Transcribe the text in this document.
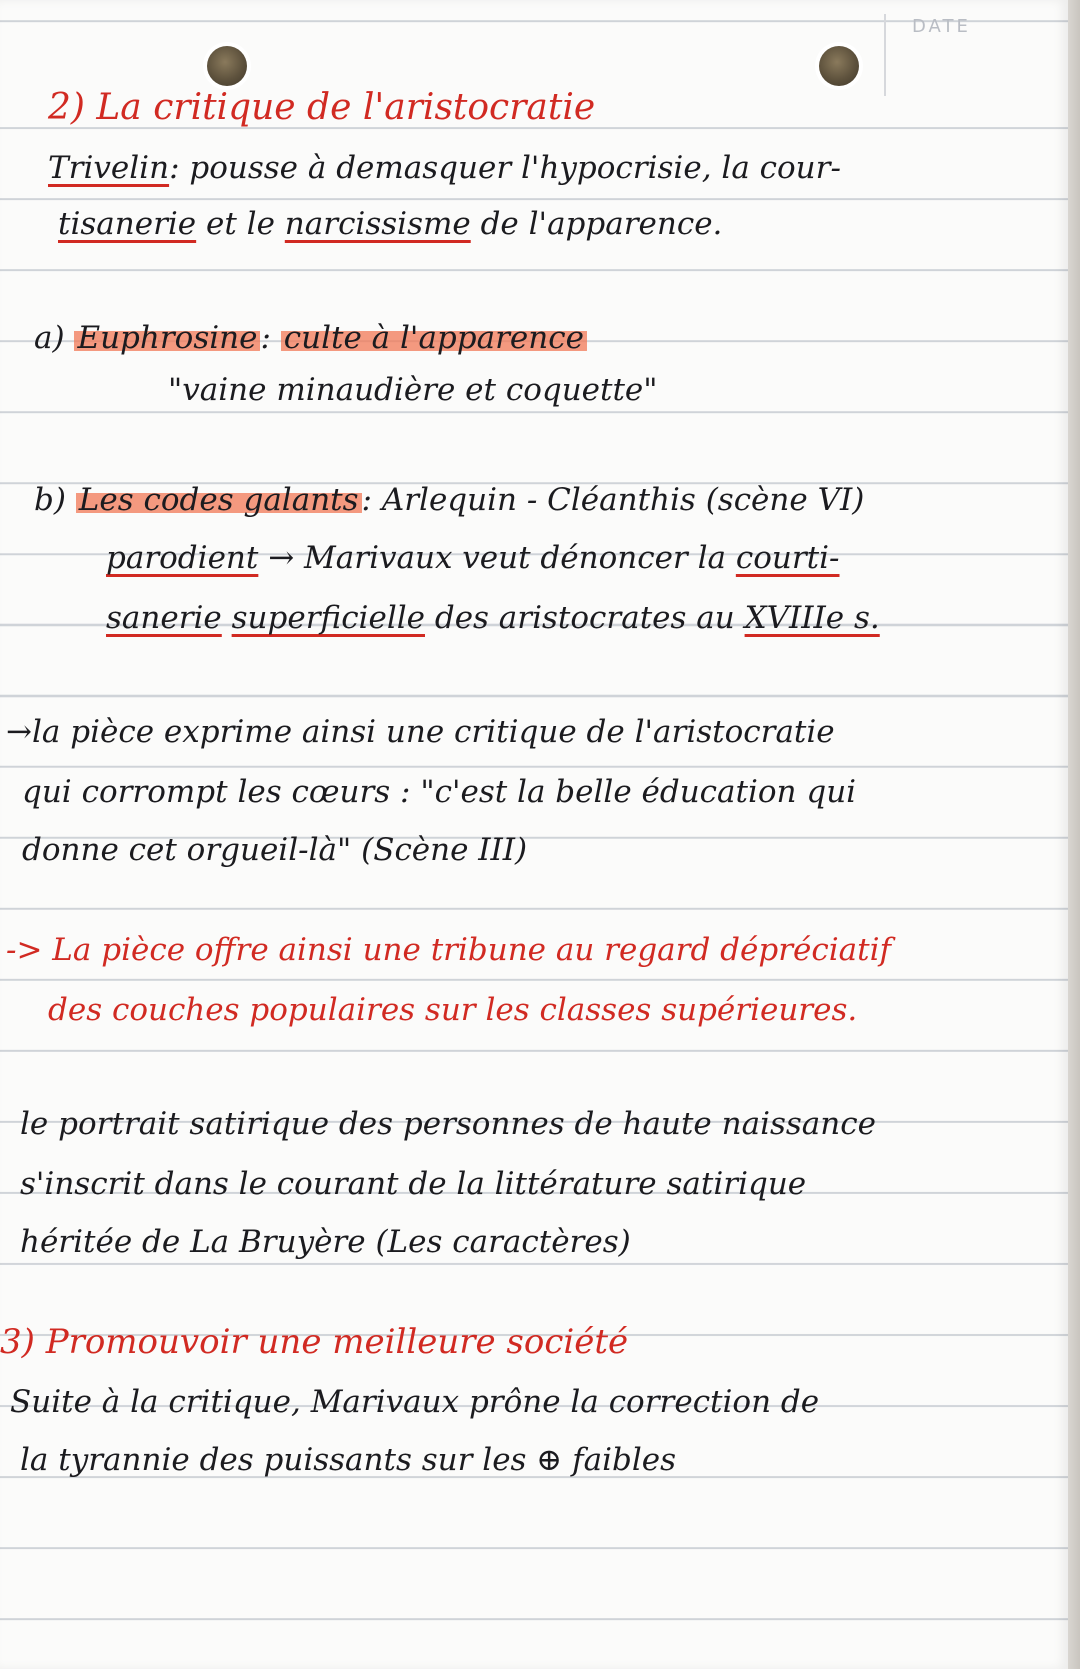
DATE
2) La critique de l'aristocratie
Trivelin: pousse à demasquer l'hypocrisie, la cour-
tisanerie et le narcissisme de l'apparence.
a) Euphrosine: culte à l'apparence
"vaine minaudière et coquette"
b) Les codes galants: Arlequin - Cléanthis (scène VI)
parodient → Marivaux veut dénoncer la courti-
sanerie superficielle des aristocrates au XVIIIe s.
→la pièce exprime ainsi une critique de l'aristocratie
qui corrompt les cœurs : "c'est la belle éducation qui
donne cet orgueil-là" (Scène III)
-> La pièce offre ainsi une tribune au regard dépréciatif
des couches populaires sur les classes supérieures.
le portrait satirique des personnes de haute naissance
s'inscrit dans le courant de la littérature satirique
héritée de La Bruyère (Les caractères)
3) Promouvoir une meilleure société
Suite à la critique, Marivaux prône la correction de
la tyrannie des puissants sur les ⊕ faibles
